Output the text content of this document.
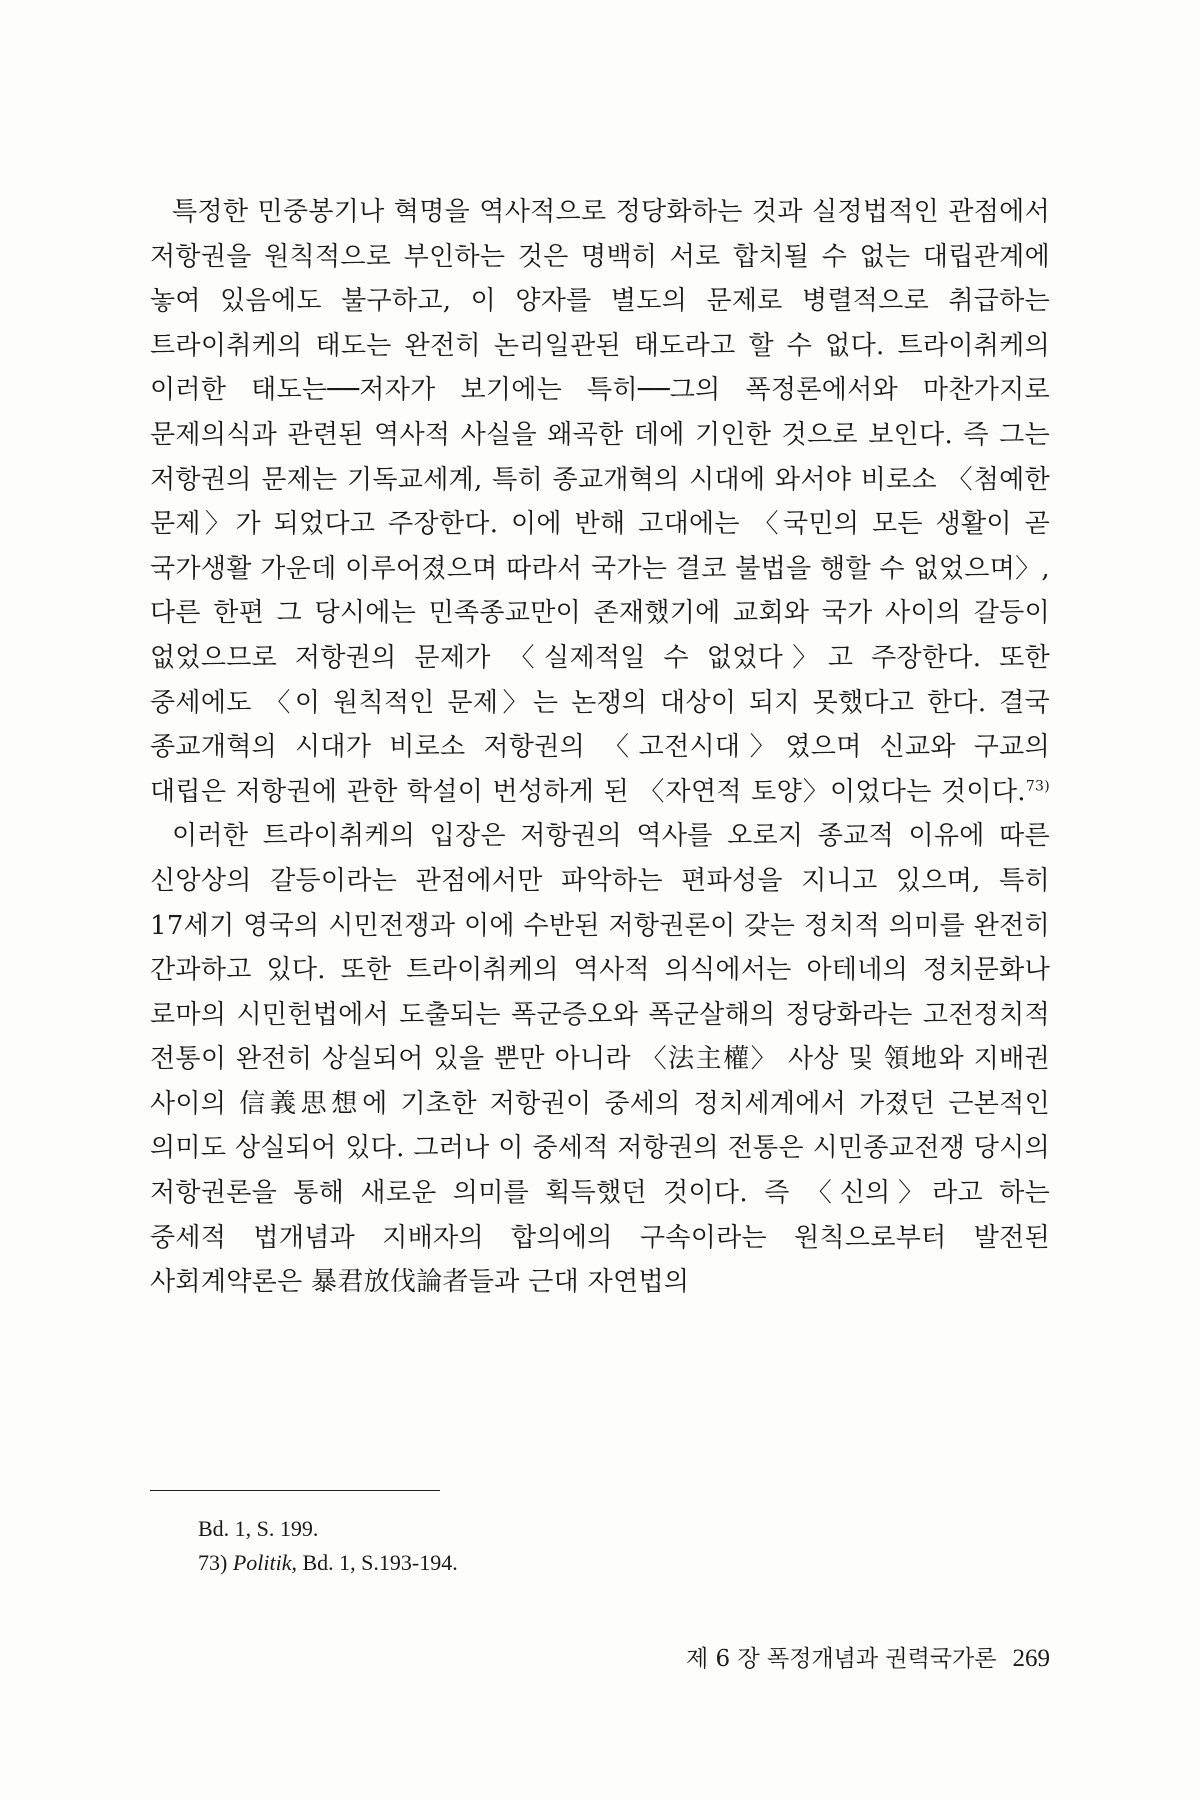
특정한 민중봉기나 혁명을 역사적으로 정당화하는 것과 실정법적인 관점에서 저항권을 원칙적으로 부인하는 것은 명백히 서로 합치될 수 없는 대립관계에 놓여 있음에도 불구하고, 이 양자를 별도의 문제로 병렬적으로 취급하는 트라이취케의 태도는 완전히 논리일관된 태도라고 할 수 없다. 트라이취케의 이러한 태도는──저자가 보기에는 특히──그의 폭정론에서와 마찬가지로 문제의식과 관련된 역사적 사실을 왜곡한 데에 기인한 것으로 보인다. 즉 그는 저항권의 문제는 기독교세계, 특히 종교개혁의 시대에 와서야 비로소 〈첨예한 문제〉가 되었다고 주장한다. 이에 반해 고대에는 〈국민의 모든 생활이 곧 국가생활 가운데 이루어졌으며 따라서 국가는 결코 불법을 행할 수 없었으며〉, 다른 한편 그 당시에는 민족종교만이 존재했기에 교회와 국가 사이의 갈등이 없었으므로 저항권의 문제가 〈실제적일 수 없었다〉고 주장한다. 또한 중세에도 〈이 원칙적인 문제〉는 논쟁의 대상이 되지 못했다고 한다. 결국 종교개혁의 시대가 비로소 저항권의 〈고전시대〉였으며 신교와 구교의 대립은 저항권에 관한 학설이 번성하게 된 〈자연적 토양〉이었다는 것이다.$^{73)}$

이러한 트라이취케의 입장은 저항권의 역사를 오로지 종교적 이유에 따른 신앙상의 갈등이라는 관점에서만 파악하는 편파성을 지니고 있으며, 특히 17세기 영국의 시민전쟁과 이에 수반된 저항권론이 갖는 정치적 의미를 완전히 간과하고 있다. 또한 트라이취케의 역사적 의식에서는 아테네의 정치문화나 로마의 시민헌법에서 도출되는 폭군증오와 폭군살해의 정당화라는 고전정치적 전통이 완전히 상실되어 있을 뿐만 아니라 〈法主權〉 사상 및 領地와 지배권 사이의 信義思想에 기초한 저항권이 중세의 정치세계에서 가졌던 근본적인 의미도 상실되어 있다. 그러나 이 중세적 저항권의 전통은 시민종교전쟁 당시의 저항권론을 통해 새로운 의미를 획득했던 것이다. 즉 〈신의〉라고 하는 중세적 법개념과 지배자의 합의에의 구속이라는 원칙으로부터 발전된 사회계약론은 暴君放伐論者들과 근대 자연법의

Bd. 1, S. 199.

73) Politik, Bd. 1, S.193-194.

제 6 장 폭정개념과 권력국가론 269
